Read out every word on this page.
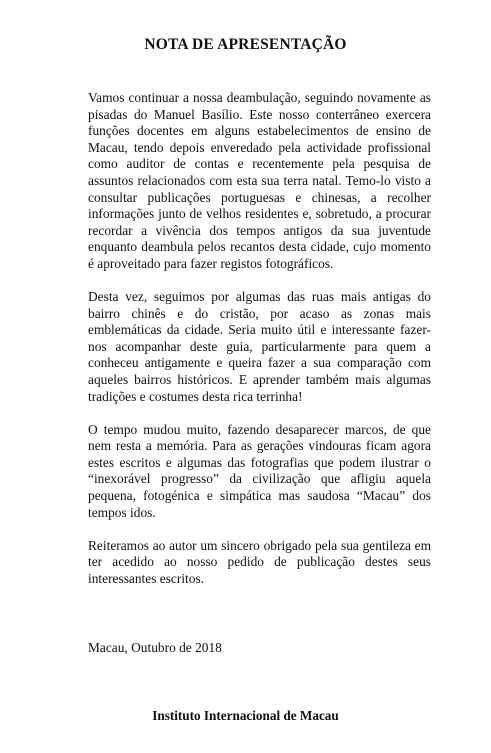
NOTA DE APRESENTAÇÃO

Vamos continuar a nossa deambulação, seguindo novamente as pisadas do Manuel Basílio. Este nosso conterrâneo exercera funções docentes em alguns estabelecimentos de ensino de Macau, tendo depois enveredado pela actividade profissional como auditor de contas e recentemente pela pesquisa de assuntos relacionados com esta sua terra natal. Temo-lo visto a consultar publicações portuguesas e chinesas, a recolher informações junto de velhos residentes e, sobretudo, a procurar recordar a vivência dos tempos antigos da sua juventude enquanto deambula pelos recantos desta cidade, cujo momento é aproveitado para fazer registos fotográficos.

Desta vez, seguimos por algumas das ruas mais antigas do bairro chinês e do cristão, por acaso as zonas mais emblemáticas da cidade. Seria muito útil e interessante fazer-nos acompanhar deste guia, particularmente para quem a conheceu antigamente e queira fazer a sua comparação com aqueles bairros históricos. E aprender também mais algumas tradições e costumes desta rica terrinha!

O tempo mudou muito, fazendo desaparecer marcos, de que nem resta a memória. Para as gerações vindouras ficam agora estes escritos e algumas das fotografias que podem ilustrar o “inexorável progresso” da civilização que afligiu aquela pequena, fotogénica e simpática mas saudosa “Macau” dos tempos idos.

Reiteramos ao autor um sincero obrigado pela sua gentileza em ter acedido ao nosso pedido de publicação destes seus interessantes escritos.

Macau, Outubro de 2018

Instituto Internacional de Macau
